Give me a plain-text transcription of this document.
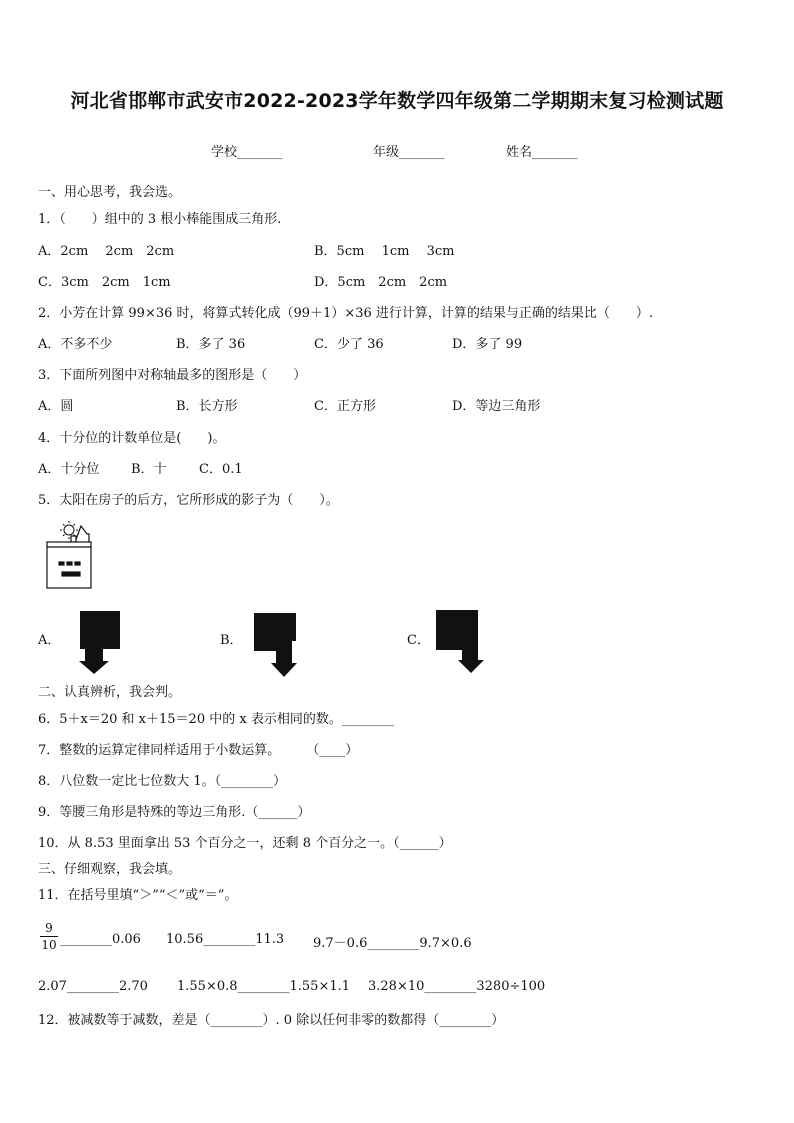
河北省邯郸市武安市2022-2023学年数学四年级第二学期期末复习检测试题
学校_______	年级_______	姓名_______
一、用心思考，我会选。
1．（　　）组中的 3 根小棒能围成三角形.
A．2cm　 2cm　2cm	B．5cm　 1cm　 3cm
C．3cm　2cm　1cm	D．5cm　2cm　2cm
2．小芳在计算 99×36 时，将算式转化成（99＋1）×36 进行计算，计算的结果与正确的结果比（　　）.
A．不多不少	B．多了 36	C．少了 36	D．多了 99
3．下面所列图中对称轴最多的图形是（　　）
A．圆	B．长方形	C．正方形	D．等边三角形
4．十分位的计数单位是(　　)。
A．十分位 B．十 C．0.1
5．太阳在房子的后方，它所形成的影子为（　　）。
A．	B．	C．
二、认真辨析，我会判。
6．5＋x＝20 和 x＋15＝20 中的 x 表示相同的数。________
7．整数的运算定律同样适用于小数运算。　　　（____）
8．八位数一定比七位数大 1。（________）
9．等腰三角形是特殊的等边三角形.（______）
10．从 8.53 里面拿出 53 个百分之一，还剩 8 个百分之一。（______）
三、仔细观察，我会填。
11．在括号里填“＞”“＜”或“＝”。
9
10 ________0.06 10.56________11.3 9.7－0.6________9.7×0.6
2.07________2.70 1.55×0.8________1.55×1.1 3.28×10________3280÷100
12．被减数等于减数，差是（________）. 0 除以任何非零的数都得（________）
